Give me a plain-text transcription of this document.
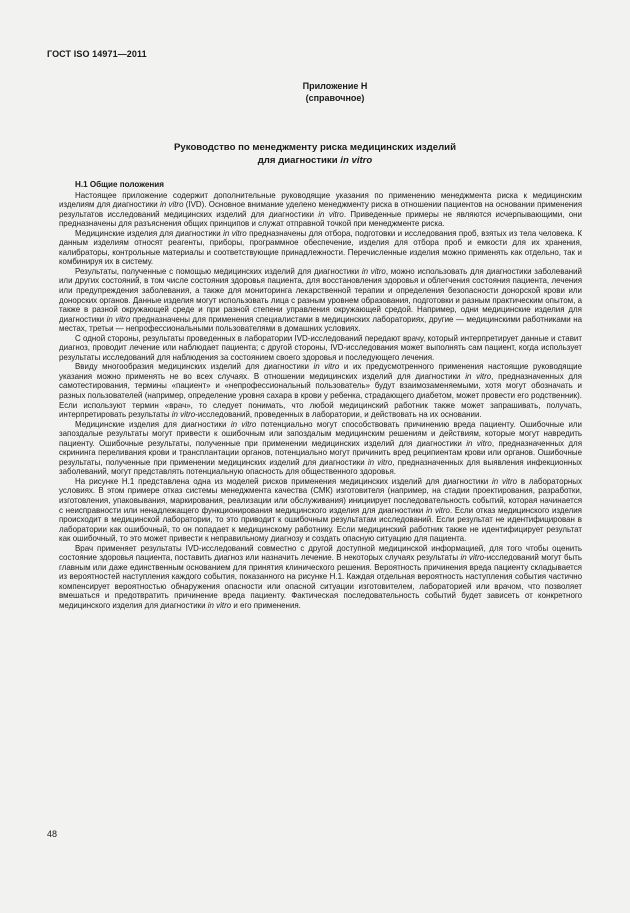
ГОСТ ISO 14971—2011
Приложение Н
(справочное)
Руководство по менеджменту риска медицинских изделий
для диагностики in vitro
Н.1 Общие положения

Настоящее приложение содержит дополнительные руководящие указания по применению менеджмента риска к медицинским изделиям для диагностики in vitro (IVD). Основное внимание уделено менеджменту риска в отношении пациентов на основании применения результатов исследований медицинских изделий для диагностики in vitro. Приведенные примеры не являются исчерпывающими, они предназначены для разъяснения общих принципов и служат отправной точкой при менеджменте риска.

Медицинские изделия для диагностики in vitro предназначены для отбора, подготовки и исследования проб, взятых из тела человека. К данным изделиям относят реагенты, приборы, программное обеспечение, изделия для отбора проб и емкости для их хранения, калибраторы, контрольные материалы и соответствующие принадлежности. Перечисленные изделия можно применять как отдельно, так и комбинируя их в систему.

Результаты, полученные с помощью медицинских изделий для диагностики in vitro, можно использовать для диагностики заболеваний или других состояний, в том числе состояния здоровья пациента, для восстановления здоровья и облегчения состояния пациента, лечения или предупреждения заболевания, а также для мониторинга лекарственной терапии и определения безопасности донорской крови или донорских органов. Данные изделия могут использовать лица с разным уровнем образования, подготовки и разным практическим опытом, а также в разной окружающей среде и при разной степени управления окружающей средой. Например, одни медицинские изделия для диагностики in vitro предназначены для применения специалистами в медицинских лабораториях, другие — медицинскими работниками на местах, третьи — непрофессиональными пользователями в домашних условиях.

С одной стороны, результаты проведенных в лаборатории IVD-исследований передают врачу, который интерпретирует данные и ставит диагноз, проводит лечение или наблюдает пациента; с другой стороны, IVD-исследования может выполнять сам пациент, когда использует результаты исследований для наблюдения за состоянием своего здоровья и последующего лечения.

Ввиду многообразия медицинских изделий для диагностики in vitro и их предусмотренного применения настоящие руководящие указания можно применять не во всех случаях. В отношении медицинских изделий для диагностики in vitro, предназначенных для самотестирования, термины «пациент» и «непрофессиональный пользователь» будут взаимозаменяемыми, хотя могут обозначать и разных пользователей (например, определение уровня сахара в крови у ребенка, страдающего диабетом, может провести его родственник). Если используют термин «врач», то следует понимать, что любой медицинский работник также может запрашивать, получать, интерпретировать результаты in vitro-исследований, проведенных в лаборатории, и действовать на их основании.

Медицинские изделия для диагностики in vitro потенциально могут способствовать причинению вреда пациенту. Ошибочные или запоздалые результаты могут привести к ошибочным или запоздалым медицинским решениям и действиям, которые могут навредить пациенту. Ошибочные результаты, полученные при применении медицинских изделий для диагностики in vitro, предназначенных для скрининга переливания крови и трансплантации органов, потенциально могут причинить вред реципиентам крови или органов. Ошибочные результаты, полученные при применении медицинских изделий для диагностики in vitro, предназначенных для выявления инфекционных заболеваний, могут представлять потенциальную опасность для общественного здоровья.

На рисунке Н.1 представлена одна из моделей рисков применения медицинских изделий для диагностики in vitro в лабораторных условиях. В этом примере отказ системы менеджмента качества (СМК) изготовителя (например, на стадии проектирования, разработки, изготовления, упаковывания, маркирования, реализации или обслуживания) инициирует последовательность событий, которая начинается с неисправности или ненадлежащего функционирования медицинского изделия для диагностики in vitro. Если отказ медицинского изделия происходит в медицинской лаборатории, то это приводит к ошибочным результатам исследований. Если результат не идентифицирован в лаборатории как ошибочный, то он попадает к медицинскому работнику. Если медицинский работник также не идентифицирует результат как ошибочный, то это может привести к неправильному диагнозу и создать опасную ситуацию для пациента.

Врач применяет результаты IVD-исследований совместно с другой доступной медицинской информацией, для того чтобы оценить состояние здоровья пациента, поставить диагноз или назначить лечение. В некоторых случаях результаты in vitro-исследований могут быть главным или даже единственным основанием для принятия клинического решения. Вероятность причинения вреда пациенту складывается из вероятностей наступления каждого события, показанного на рисунке Н.1. Каждая отдельная вероятность наступления события частично компенсирует вероятностью обнаружения опасности или опасной ситуации изготовителем, лабораторией или врачом, что позволяет вмешаться и предотвратить причинение вреда пациенту. Фактическая последовательность событий будет зависеть от конкретного медицинского изделия для диагностики in vitro и его применения.

48
